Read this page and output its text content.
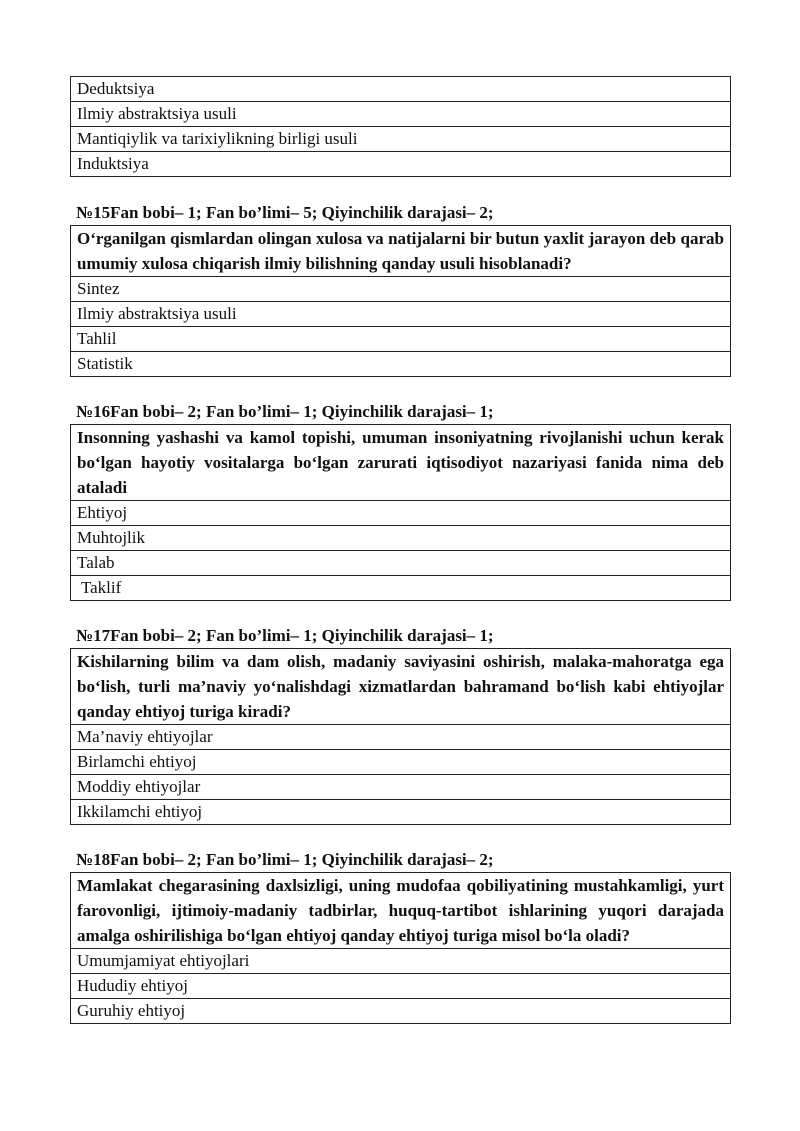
Deduktsiya
Ilmiy abstraktsiya usuli
Mantiqiylik va tarixiylikning birligi usuli
Induktsiya
№15Fan bobi– 1; Fan bo’limi– 5; Qiyinchilik darajasi– 2;
O‘rganilgan qismlardan olingan xulosa va natijalarni bir butun yaxlit jarayon deb qarab umumiy xulosa chiqarish ilmiy bilishning qanday usuli hisoblanadi?
Sintez
Ilmiy abstraktsiya usuli
Tahlil
Statistik
№16Fan bobi– 2; Fan bo’limi– 1; Qiyinchilik darajasi– 1;
Insonning yashashi va kamol topishi, umuman insoniyatning rivojlanishi uchun kerak bo‘lgan hayotiy vositalarga bo‘lgan zarurati iqtisodiyot nazariyasi fanida nima deb ataladi
Ehtiyoj
Muhtojlik
Talab
Taklif
№17Fan bobi– 2; Fan bo’limi– 1; Qiyinchilik darajasi– 1;
Kishilarning bilim va dam olish, madaniy saviyasini oshirish, malaka-mahoratga ega bo‘lish, turli ma’naviy yo‘nalishdagi xizmatlardan bahramand bo‘lish kabi ehtiyojlar qanday ehtiyoj turiga kiradi?
Ma’naviy ehtiyojlar
Birlamchi ehtiyoj
Moddiy ehtiyojlar
Ikkilamchi ehtiyoj
№18Fan bobi– 2; Fan bo’limi– 1; Qiyinchilik darajasi– 2;
Mamlakat chegarasining daxlsizligi, uning mudofaa qobiliyatining mustahkamligi, yurt farovonligi, ijtimoiy-madaniy tadbirlar, huquq-tartibot ishlarining yuqori darajada amalga oshirilishiga bo‘lgan ehtiyoj qanday ehtiyoj turiga misol bo‘la oladi?
Umumjamiyat ehtiyojlari
Hududiy ehtiyoj
Guruhiy ehtiyoj
